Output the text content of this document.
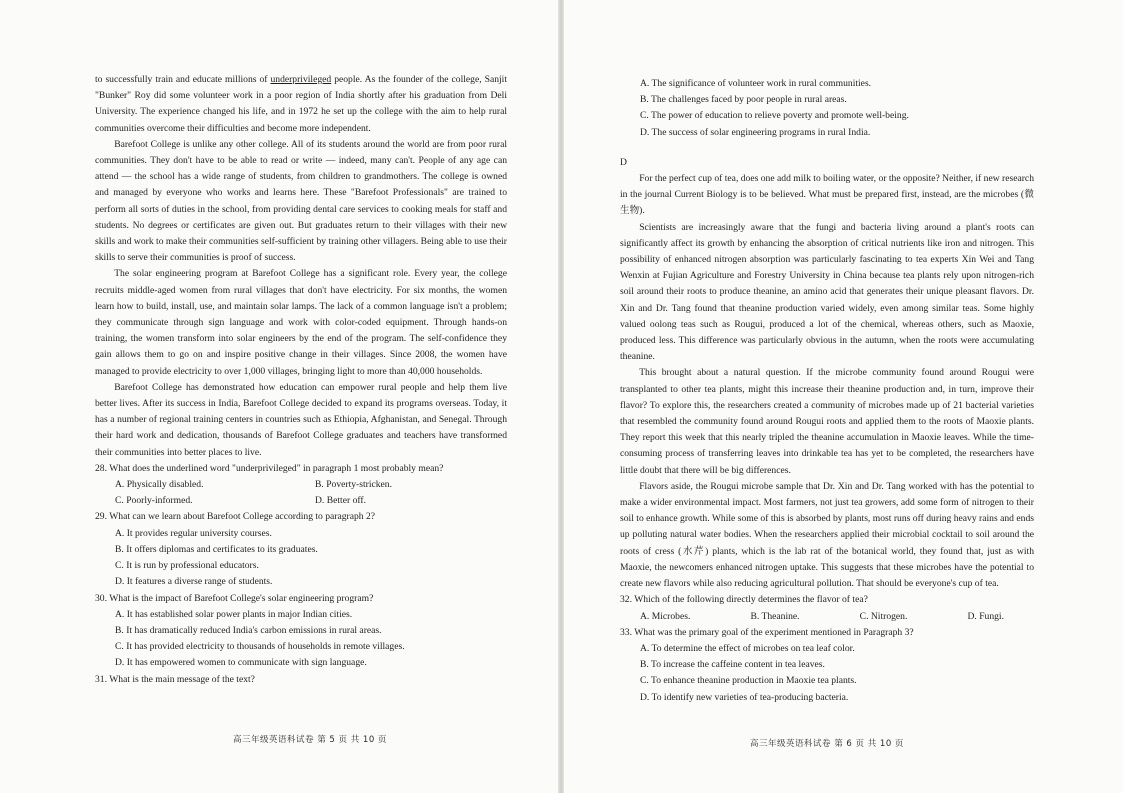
to successfully train and educate millions of underprivileged people. As the founder of the college, Sanjit "Bunker" Roy did some volunteer work in a poor region of India shortly after his graduation from Deli University. The experience changed his life, and in 1972 he set up the college with the aim to help rural communities overcome their difficulties and become more independent.

Barefoot College is unlike any other college. All of its students around the world are from poor rural communities. They don't have to be able to read or write — indeed, many can't. People of any age can attend — the school has a wide range of students, from children to grandmothers. The college is owned and managed by everyone who works and learns here. These "Barefoot Professionals" are trained to perform all sorts of duties in the school, from providing dental care services to cooking meals for staff and students. No degrees or certificates are given out. But graduates return to their villages with their new skills and work to make their communities self-sufficient by training other villagers. Being able to use their skills to serve their communities is proof of success.

The solar engineering program at Barefoot College has a significant role. Every year, the college recruits middle-aged women from rural villages that don't have electricity. For six months, the women learn how to build, install, use, and maintain solar lamps. The lack of a common language isn't a problem; they communicate through sign language and work with color-coded equipment. Through hands-on training, the women transform into solar engineers by the end of the program. The self-confidence they gain allows them to go on and inspire positive change in their villages. Since 2008, the women have managed to provide electricity to over 1,000 villages, bringing light to more than 40,000 households.

Barefoot College has demonstrated how education can empower rural people and help them live better lives. After its success in India, Barefoot College decided to expand its programs overseas. Today, it has a number of regional training centers in countries such as Ethiopia, Afghanistan, and Senegal. Through their hard work and dedication, thousands of Barefoot College graduates and teachers have transformed their communities into better places to live.

28. What does the underlined word "underprivileged" in paragraph 1 most probably mean?

A. Physically disabled.	B. Poverty-stricken.
C. Poorly-informed.	D. Better off.

29. What can we learn about Barefoot College according to paragraph 2?

A. It provides regular university courses.

B. It offers diplomas and certificates to its graduates.

C. It is run by professional educators.

D. It features a diverse range of students.

30. What is the impact of Barefoot College's solar engineering program?

A. It has established solar power plants in major Indian cities.

B. It has dramatically reduced India's carbon emissions in rural areas.

C. It has provided electricity to thousands of households in remote villages.

D. It has empowered women to communicate with sign language.

31. What is the main message of the text?

高三年级英语科试卷 第 5 页 共 10 页

A. The significance of volunteer work in rural communities.

B. The challenges faced by poor people in rural areas.

C. The power of education to relieve poverty and promote well-being.

D. The success of solar engineering programs in rural India.

D

For the perfect cup of tea, does one add milk to boiling water, or the opposite? Neither, if new research in the journal Current Biology is to be believed. What must be prepared first, instead, are the microbes (微生物).

Scientists are increasingly aware that the fungi and bacteria living around a plant's roots can significantly affect its growth by enhancing the absorption of critical nutrients like iron and nitrogen. This possibility of enhanced nitrogen absorption was particularly fascinating to tea experts Xin Wei and Tang Wenxin at Fujian Agriculture and Forestry University in China because tea plants rely upon nitrogen-rich soil around their roots to produce theanine, an amino acid that generates their unique pleasant flavors. Dr. Xin and Dr. Tang found that theanine production varied widely, even among similar teas. Some highly valued oolong teas such as Rougui, produced a lot of the chemical, whereas others, such as Maoxie, produced less. This difference was particularly obvious in the autumn, when the roots were accumulating theanine.

This brought about a natural question. If the microbe community found around Rougui were transplanted to other tea plants, might this increase their theanine production and, in turn, improve their flavor? To explore this, the researchers created a community of microbes made up of 21 bacterial varieties that resembled the community found around Rougui roots and applied them to the roots of Maoxie plants. They report this week that this nearly tripled the theanine accumulation in Maoxie leaves. While the time-consuming process of transferring leaves into drinkable tea has yet to be completed, the researchers have little doubt that there will be big differences.

Flavors aside, the Rougui microbe sample that Dr. Xin and Dr. Tang worked with has the potential to make a wider environmental impact. Most farmers, not just tea growers, add some form of nitrogen to their soil to enhance growth. While some of this is absorbed by plants, most runs off during heavy rains and ends up polluting natural water bodies. When the researchers applied their microbial cocktail to soil around the roots of cress (水芹) plants, which is the lab rat of the botanical world, they found that, just as with Maoxie, the newcomers enhanced nitrogen uptake. This suggests that these microbes have the potential to create new flavors while also reducing agricultural pollution. That should be everyone's cup of tea.

32. Which of the following directly determines the flavor of tea?

A. Microbes.	B. Theanine.	C. Nitrogen.	D. Fungi.

33. What was the primary goal of the experiment mentioned in Paragraph 3?

A. To determine the effect of microbes on tea leaf color.

B. To increase the caffeine content in tea leaves.

C. To enhance theanine production in Maoxie tea plants.

D. To identify new varieties of tea-producing bacteria.

高三年级英语科试卷 第 6 页 共 10 页
